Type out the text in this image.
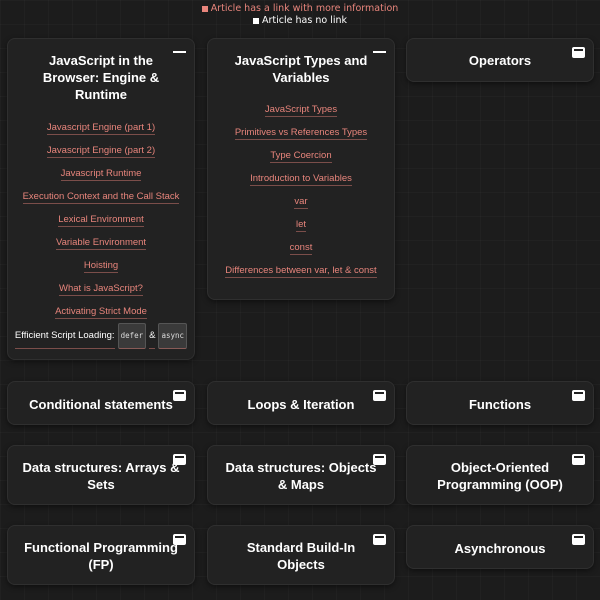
Article has a link with more information
Article has no link
JavaScript in the Browser: Engine & Runtime
Javascript Engine (part 1)
Javascript Engine (part 2)
Javascript Runtime
Execution Context and the Call Stack
Lexical Environment
Variable Environment
Hoisting
What is JavaScript?
Activating Strict Mode
Efficient Script Loading: defer & async
JavaScript Types and Variables
JavaScript Types
Primitives vs References Types
Type Coercion
Introduction to Variables
var
let
const
Differences between var, let & const
Operators
Conditional statements	Loops & Iteration	Functions
Data structures: Arrays & Sets
Data structures: Objects & Maps
Object-Oriented Programming (OOP)
Functional Programming (FP)
Standard Build-In Objects
Asynchronous
